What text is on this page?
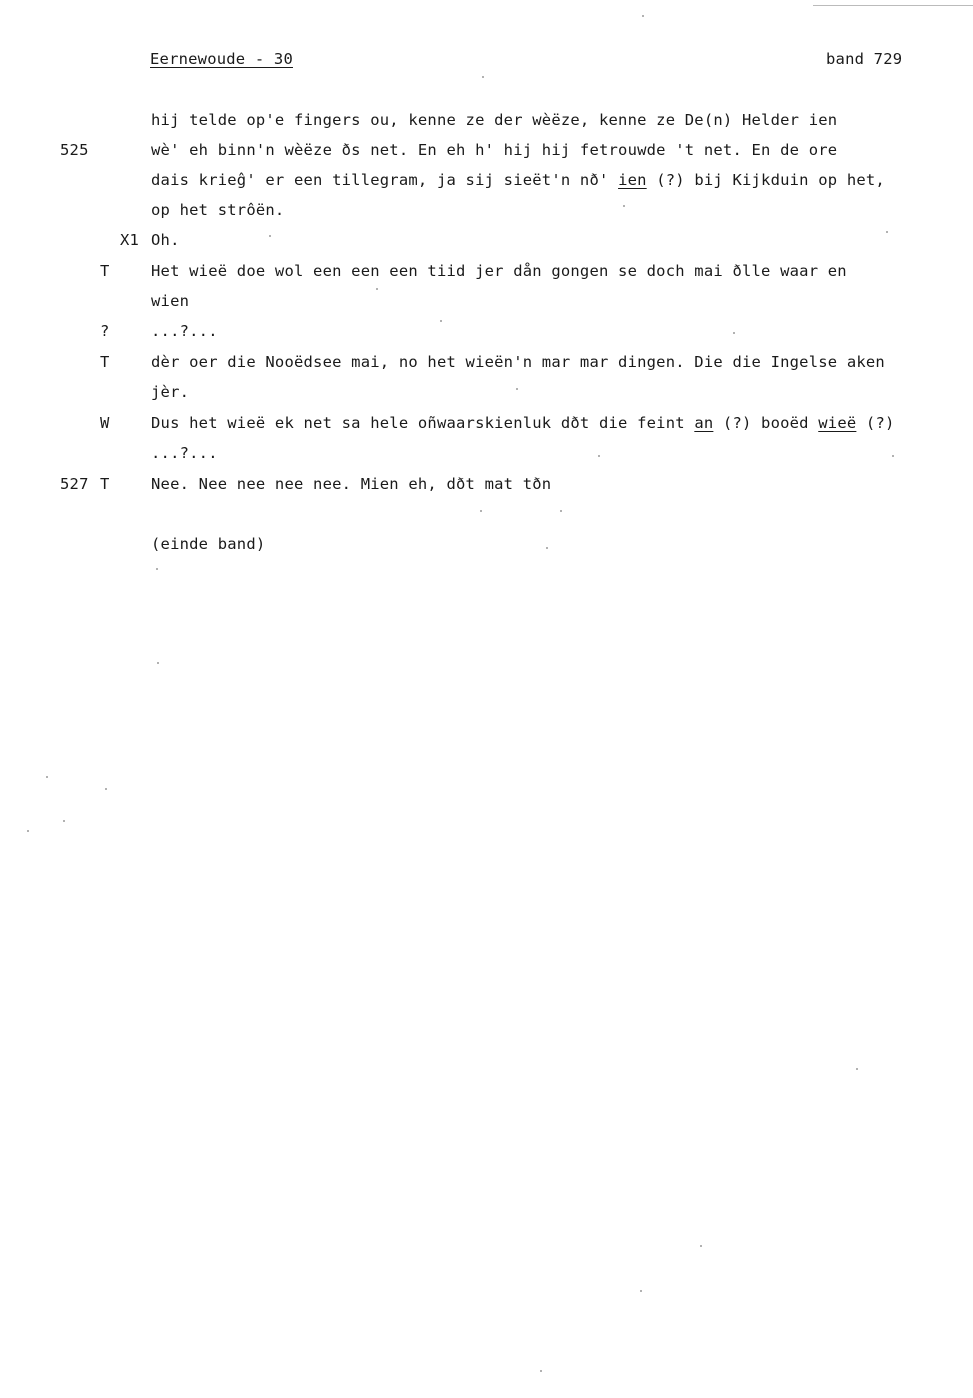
Eernewoude - 30	band 729
hij telde op'e fingers ou, kenne ze der wèëze, kenne ze De(n) Helder ien
525	wè' eh binn'n wèëze ðs net. En eh h' hij hij fetrouwde 't net. En de ore
dais krieĝ' er een tillegram, ja sij sieët'n nð' ien (?) bij Kijkduin op het,
op het strôën.
X1 Oh.
T	Het wieë doe wol een een een tiid jer dån gongen se doch mai ðlle waar en
wien
?	...?...
T	dèr oer die Nooëdsee mai, no het wieën'n mar mar dingen. Die die Ingelse aken
jèr.
W	Dus het wieë ek net sa hele oñwaarskienluk dðt die feint an (?) booëd wieë (?)
...?...
527 T	Nee. Nee nee nee nee. Mien eh, dðt mat tðn
(einde band)
